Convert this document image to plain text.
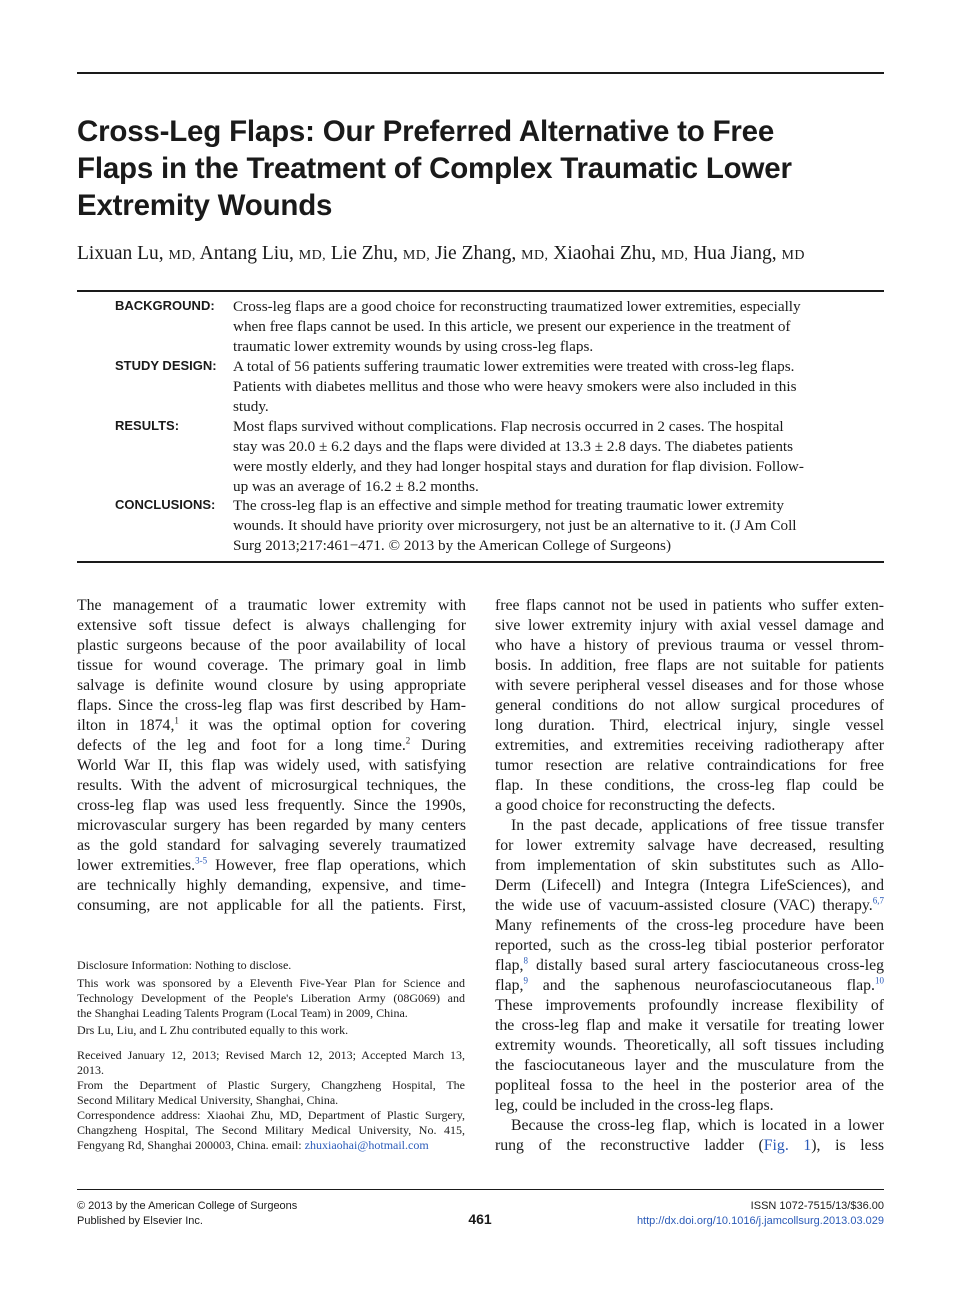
Cross-Leg Flaps: Our Preferred Alternative to Free
Flaps in the Treatment of Complex Traumatic Lower
Extremity Wounds
Lixuan Lu, MD, Antang Liu, MD, Lie Zhu, MD, Jie Zhang, MD, Xiaohai Zhu, MD, Hua Jiang, MD
BACKGROUND: Cross-leg flaps are a good choice for reconstructing traumatized lower extremities, especially
when free flaps cannot be used. In this article, we present our experience in the treatment of
traumatic lower extremity wounds by using cross-leg flaps.
STUDY DESIGN: A total of 56 patients suffering traumatic lower extremities were treated with cross-leg flaps.
Patients with diabetes mellitus and those who were heavy smokers were also included in this
study.
RESULTS:	Most flaps survived without complications. Flap necrosis occurred in 2 cases. The hospital
stay was 20.0 ± 6.2 days and the flaps were divided at 13.3 ± 2.8 days. The diabetes patients
were mostly elderly, and they had longer hospital stays and duration for flap division. Follow-
up was an average of 16.2 ± 8.2 months.
CONCLUSIONS: The cross-leg flap is an effective and simple method for treating traumatic lower extremity
wounds. It should have priority over microsurgery, not just be an alternative to it. (J Am Coll
Surg 2013;217:461−471. © 2013 by the American College of Surgeons)
The management of a traumatic lower extremity with
extensive soft tissue defect is always challenging for
plastic surgeons because of the poor availability of local
tissue for wound coverage. The primary goal in limb
salvage is definite wound closure by using appropriate
flaps. Since the cross-leg flap was first described by Ham-
ilton in 1874,$^1$ it was the optimal option for covering
defects of the leg and foot for a long time.$^2$ During
World War II, this flap was widely used, with satisfying
results. With the advent of microsurgical techniques, the
cross-leg flap was used less frequently. Since the 1990s,
microvascular surgery has been regarded by many centers
as the gold standard for salvaging severely traumatized
lower extremities.$^{3-5}$ However, free flap operations, which
are technically highly demanding, expensive, and time-
consuming, are not applicable for all the patients. First,
free flaps cannot not be used in patients who suffer exten-
sive lower extremity injury with axial vessel damage and
who have a history of previous trauma or vessel throm-
bosis. In addition, free flaps are not suitable for patients
with severe peripheral vessel diseases and for those whose
general conditions do not allow surgical procedures of
long duration. Third, electrical injury, single vessel
extremities, and extremities receiving radiotherapy after
tumor resection are relative contraindications for free
flap. In these conditions, the cross-leg flap could be
a good choice for reconstructing the defects.
In the past decade, applications of free tissue transfer
for lower extremity salvage have decreased, resulting
from implementation of skin substitutes such as Allo-
Derm (Lifecell) and Integra (Integra LifeSciences), and
the wide use of vacuum-assisted closure (VAC) therapy.$^{6,7}$
Many refinements of the cross-leg procedure have been
reported, such as the cross-leg tibial posterior perforator
flap,$^8$ distally based sural artery fasciocutaneous cross-leg
flap,$^9$ and the saphenous neurofasciocutaneous flap.$^{10}$
These improvements profoundly increase flexibility of
the cross-leg flap and make it versatile for treating lower
extremity wounds. Theoretically, all soft tissues including
the fasciocutaneous layer and the musculature from the
popliteal fossa to the heel in the posterior area of the
leg, could be included in the cross-leg flaps.
Because the cross-leg flap, which is located in a lower
rung of the reconstructive ladder (Fig. 1), is less
Disclosure Information: Nothing to disclose.
This work was sponsored by a Eleventh Five-Year Plan for Science and
Technology Development of the People's Liberation Army (08G069) and
the Shanghai Leading Talents Program (Local Team) in 2009, China.
Drs Lu, Liu, and L Zhu contributed equally to this work.
Received January 12, 2013; Revised March 12, 2013; Accepted March 13,
2013.
From the Department of Plastic Surgery, Changzheng Hospital, The
Second Military Medical University, Shanghai, China.
Correspondence address: Xiaohai Zhu, MD, Department of Plastic Surgery,
Changzheng Hospital, The Second Military Medical University, No. 415,
Fengyang Rd, Shanghai 200003, China. email: zhuxiaohai@hotmail.com
© 2013 by the American College of Surgeons
Published by Elsevier Inc.	461
ISSN 1072-7515/13/$36.00
http://dx.doi.org/10.1016/j.jamcollsurg.2013.03.029
